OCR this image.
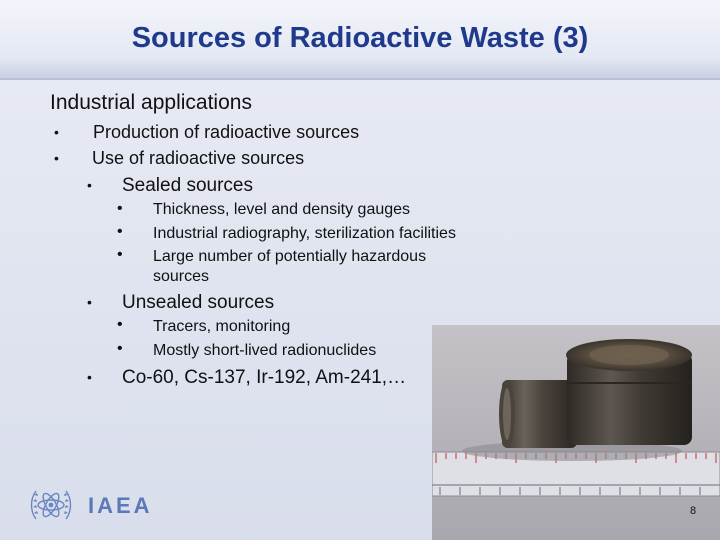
Sources of Radioactive Waste (3)
Industrial applications
• Production of radioactive sources
• Use of radioactive sources
• Sealed sources
• Thickness, level and density gauges
• Industrial radiography, sterilization facilities
• Large number of potentially hazardous
sources
• Unsealed sources
• Tracers, monitoring
• Mostly short-lived radionuclides
• Co-60, Cs-137, Ir-192, Am-241,…
IAEA	8
